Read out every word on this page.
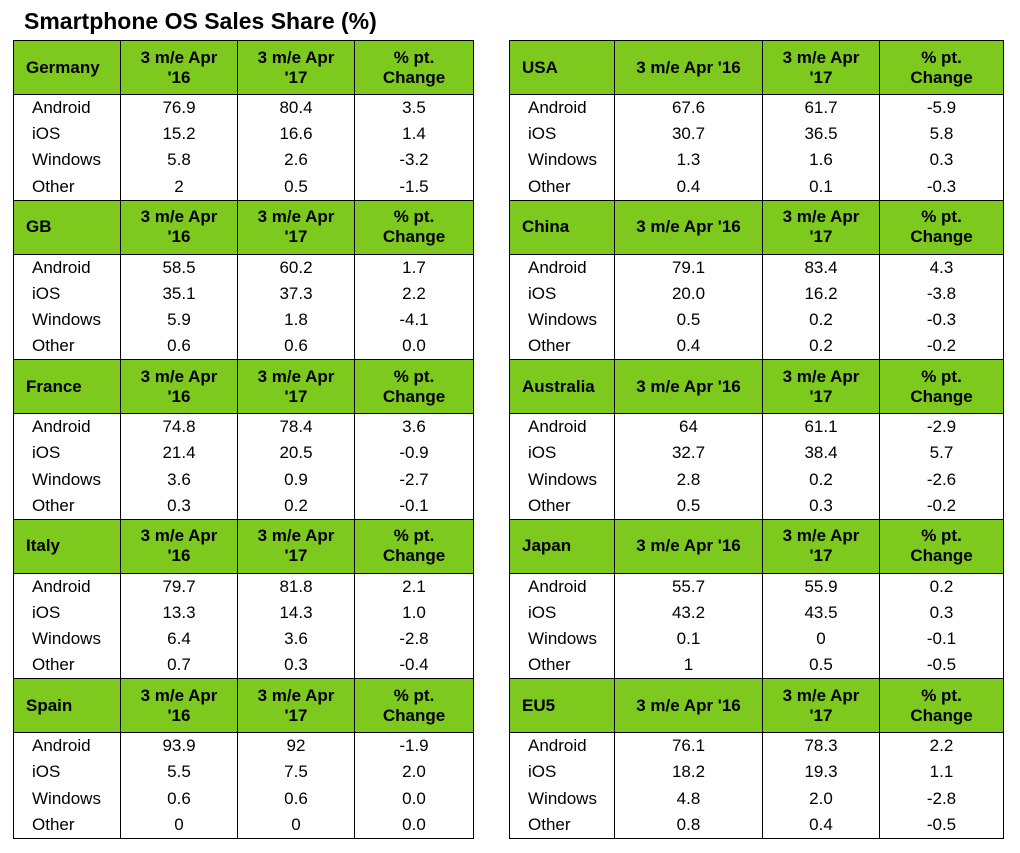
Smartphone OS Sales Share (%)
Germany	3 m/e Apr '16	3 m/e Apr '17	% pt. Change
Android	76.9	80.4	3.5
iOS	15.2	16.6	1.4
Windows	5.8	2.6	-3.2
Other	2	0.5	-1.5
USA	3 m/e Apr '16	3 m/e Apr '17	% pt. Change
Android	67.6	61.7	-5.9
iOS	30.7	36.5	5.8
Windows	1.3	1.6	0.3
Other	0.4	0.1	-0.3
GB	3 m/e Apr '16	3 m/e Apr '17	% pt. Change
Android	58.5	60.2	1.7
iOS	35.1	37.3	2.2
Windows	5.9	1.8	-4.1
Other	0.6	0.6	0.0
China	3 m/e Apr '16	3 m/e Apr '17	% pt. Change
Android	79.1	83.4	4.3
iOS	20.0	16.2	-3.8
Windows	0.5	0.2	-0.3
Other	0.4	0.2	-0.2
France	3 m/e Apr '16	3 m/e Apr '17	% pt. Change
Android	74.8	78.4	3.6
iOS	21.4	20.5	-0.9
Windows	3.6	0.9	-2.7
Other	0.3	0.2	-0.1
Australia	3 m/e Apr '16	3 m/e Apr '17	% pt. Change
Android	64	61.1	-2.9
iOS	32.7	38.4	5.7
Windows	2.8	0.2	-2.6
Other	0.5	0.3	-0.2
Italy	3 m/e Apr '16	3 m/e Apr '17	% pt. Change
Android	79.7	81.8	2.1
iOS	13.3	14.3	1.0
Windows	6.4	3.6	-2.8
Other	0.7	0.3	-0.4
Japan	3 m/e Apr '16	3 m/e Apr '17	% pt. Change
Android	55.7	55.9	0.2
iOS	43.2	43.5	0.3
Windows	0.1	0	-0.1
Other	1	0.5	-0.5
Spain	3 m/e Apr '16	3 m/e Apr '17	% pt. Change
Android	93.9	92	-1.9
iOS	5.5	7.5	2.0
Windows	0.6	0.6	0.0
Other	0	0	0.0
EU5	3 m/e Apr '16	3 m/e Apr '17	% pt. Change
Android	76.1	78.3	2.2
iOS	18.2	19.3	1.1
Windows	4.8	2.0	-2.8
Other	0.8	0.4	-0.5
